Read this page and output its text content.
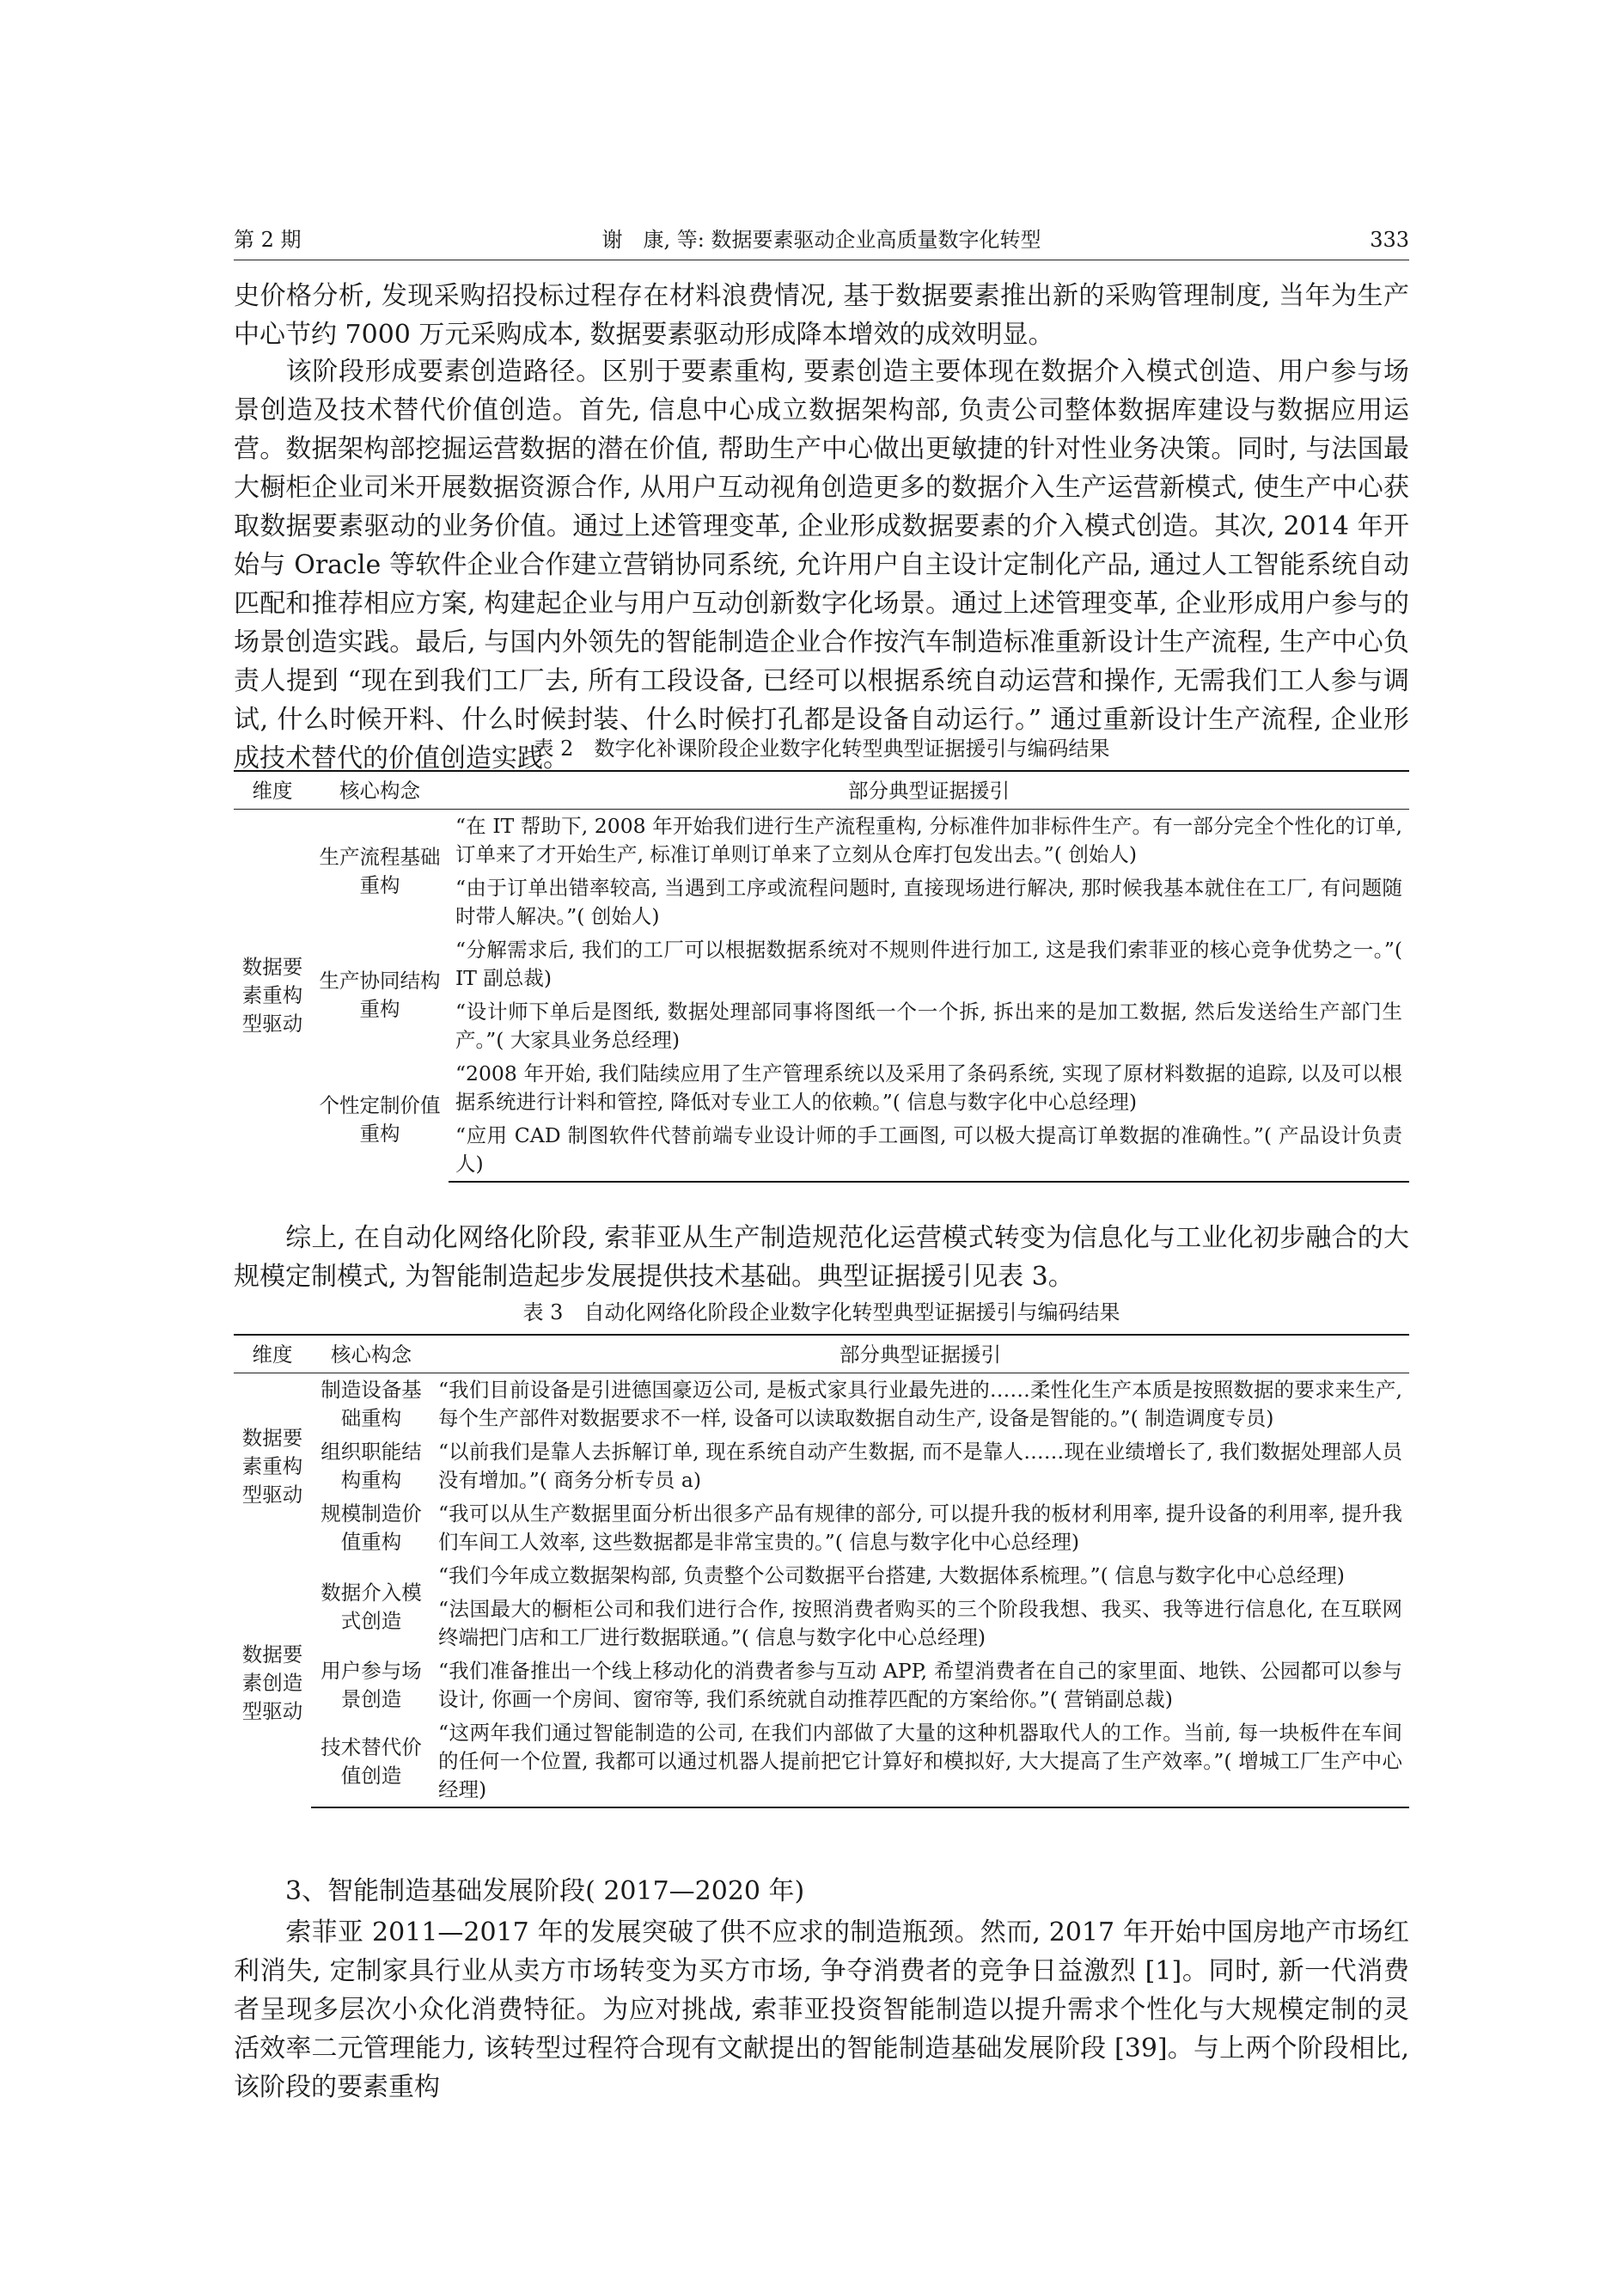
第 2 期	谢　康, 等: 数据要素驱动企业高质量数字化转型	333

史价格分析, 发现采购招投标过程存在材料浪费情况, 基于数据要素推出新的采购管理制度, 当年为生产中心节约 7000 万元采购成本, 数据要素驱动形成降本增效的成效明显。

该阶段形成要素创造路径。区别于要素重构, 要素创造主要体现在数据介入模式创造、用户参与场景创造及技术替代价值创造。首先, 信息中心成立数据架构部, 负责公司整体数据库建设与数据应用运营。数据架构部挖掘运营数据的潜在价值, 帮助生产中心做出更敏捷的针对性业务决策。同时, 与法国最大橱柜企业司米开展数据资源合作, 从用户互动视角创造更多的数据介入生产运营新模式, 使生产中心获取数据要素驱动的业务价值。通过上述管理变革, 企业形成数据要素的介入模式创造。其次, 2014 年开始与 Oracle 等软件企业合作建立营销协同系统, 允许用户自主设计定制化产品, 通过人工智能系统自动匹配和推荐相应方案, 构建起企业与用户互动创新数字化场景。通过上述管理变革, 企业形成用户参与的场景创造实践。最后, 与国内外领先的智能制造企业合作按汽车制造标准重新设计生产流程, 生产中心负责人提到 “现在到我们工厂去, 所有工段设备, 已经可以根据系统自动运营和操作, 无需我们工人参与调试, 什么时候开料、什么时候封装、什么时候打孔都是设备自动运行。” 通过重新设计生产流程, 企业形成技术替代的价值创造实践。

表 2　数字化补课阶段企业数字化转型典型证据援引与编码结果
维度	核心构念	部分典型证据援引
数据要素重构型驱动	生产流程基础重构	“在 IT 帮助下, 2008 年开始我们进行生产流程重构, 分标准件加非标件生产。有一部分完全个性化的订单, 订单来了才开始生产, 标准订单则订单来了立刻从仓库打包发出去。”( 创始人)
		“由于订单出错率较高, 当遇到工序或流程问题时, 直接现场进行解决, 那时候我基本就住在工厂, 有问题随时带人解决。”( 创始人)
	生产协同结构重构	“分解需求后, 我们的工厂可以根据数据系统对不规则件进行加工, 这是我们索菲亚的核心竞争优势之一。”( IT 副总裁)
		“设计师下单后是图纸, 数据处理部同事将图纸一个一个拆, 拆出来的是加工数据, 然后发送给生产部门生产。”( 大家具业务总经理)
	个性定制价值重构	“2008 年开始, 我们陆续应用了生产管理系统以及采用了条码系统, 实现了原材料数据的追踪, 以及可以根据系统进行计料和管控, 降低对专业工人的依赖。”( 信息与数字化中心总经理)
		“应用 CAD 制图软件代替前端专业设计师的手工画图, 可以极大提高订单数据的准确性。”( 产品设计负责人)

综上, 在自动化网络化阶段, 索菲亚从生产制造规范化运营模式转变为信息化与工业化初步融合的大规模定制模式, 为智能制造起步发展提供技术基础。典型证据援引见表 3。

表 3　自动化网络化阶段企业数字化转型典型证据援引与编码结果
维度	核心构念	部分典型证据援引
数据要素重构型驱动	制造设备基础重构	“我们目前设备是引进德国豪迈公司, 是板式家具行业最先进的……柔性化生产本质是按照数据的要求来生产, 每个生产部件对数据要求不一样, 设备可以读取数据自动生产, 设备是智能的。”( 制造调度专员)
	组织职能结构重构	“以前我们是靠人去拆解订单, 现在系统自动产生数据, 而不是靠人……现在业绩增长了, 我们数据处理部人员没有增加。”( 商务分析专员 a)
	规模制造价值重构	“我可以从生产数据里面分析出很多产品有规律的部分, 可以提升我的板材利用率, 提升设备的利用率, 提升我们车间工人效率, 这些数据都是非常宝贵的。”( 信息与数字化中心总经理)
数据要素创造型驱动	数据介入模式创造	“我们今年成立数据架构部, 负责整个公司数据平台搭建, 大数据体系梳理。”( 信息与数字化中心总经理)
		“法国最大的橱柜公司和我们进行合作, 按照消费者购买的三个阶段我想、我买、我等进行信息化, 在互联网终端把门店和工厂进行数据联通。”( 信息与数字化中心总经理)
	用户参与场景创造	“我们准备推出一个线上移动化的消费者参与互动 APP, 希望消费者在自己的家里面、地铁、公园都可以参与设计, 你画一个房间、窗帘等, 我们系统就自动推荐匹配的方案给你。”( 营销副总裁)
	技术替代价值创造	“这两年我们通过智能制造的公司, 在我们内部做了大量的这种机器取代人的工作。当前, 每一块板件在车间的任何一个位置, 我都可以通过机器人提前把它计算好和模拟好, 大大提高了生产效率。”( 增城工厂生产中心经理)
3、智能制造基础发展阶段( 2017—2020 年)

索菲亚 2011—2017 年的发展突破了供不应求的制造瓶颈。然而, 2017 年开始中国房地产市场红利消失, 定制家具行业从卖方市场转变为买方市场, 争夺消费者的竞争日益激烈 [1]。同时, 新一代消费者呈现多层次小众化消费特征。为应对挑战, 索菲亚投资智能制造以提升需求个性化与大规模定制的灵活效率二元管理能力, 该转型过程符合现有文献提出的智能制造基础发展阶段 [39]。与上两个阶段相比, 该阶段的要素重构
